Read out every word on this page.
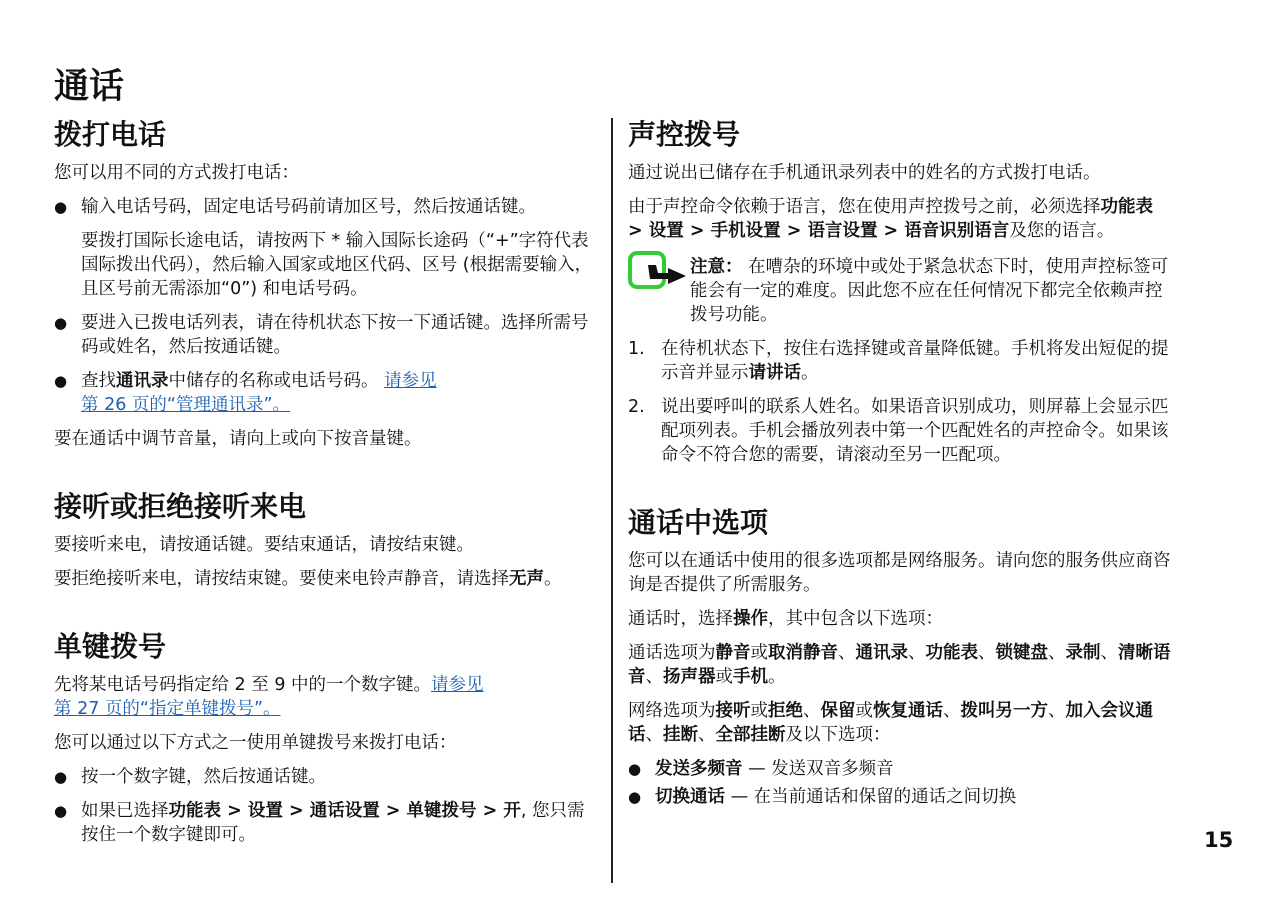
通话
拨打电话

您可以用不同的方式拨打电话：

● 输入电话号码，固定电话号码前请加区号，然后按通话键。

要拨打国际长途电话，请按两下 * 输入国际长途码（“+”字符代表国际拨出代码），然后输入国家或地区代码、区号 (根据需要输入，且区号前无需添加“0”) 和电话号码。

● 要进入已拨电话列表，请在待机状态下按一下通话键。选择所需号码或姓名，然后按通话键。
● 查找通讯录中储存的名称或电话号码。 请参见
第 26 页的“管理通讯录”。

要在通话中调节音量，请向上或向下按音量键。

接听或拒绝接听来电

要接听来电，请按通话键。要结束通话，请按结束键。

要拒绝接听来电，请按结束键。要使来电铃声静音，请选择无声。

单键拨号

先将某电话号码指定给 2 至 9 中的一个数字键。请参见
第 27 页的“指定单键拨号”。

您可以通过以下方式之一使用单键拨号来拨打电话：

● 按一个数字键，然后按通话键。
● 如果已选择功能表 > 设置 > 通话设置 > 单键拨号 > 开, 您只需按住一个数字键即可。
声控拨号

通过说出已储存在手机通讯录列表中的姓名的方式拨打电话。

由于声控命令依赖于语言，您在使用声控拨号之前，必须选择功能表 > 设置 > 手机设置 > 语言设置 > 语音识别语言及您的语言。

注意： 在嘈杂的环境中或处于紧急状态下时，使用声控标签可能会有一定的难度。因此您不应在任何情况下都完全依赖声控拨号功能。

1. 在待机状态下，按住右选择键或音量降低键。手机将发出短促的提示音并显示请讲话。
2. 说出要呼叫的联系人姓名。如果语音识别成功，则屏幕上会显示匹配项列表。手机会播放列表中第一个匹配姓名的声控命令。如果该命令不符合您的需要，请滚动至另一匹配项。
通话中选项

您可以在通话中使用的很多选项都是网络服务。请向您的服务供应商咨询是否提供了所需服务。

通话时，选择操作，其中包含以下选项：

通话选项为静音或取消静音、通讯录、功能表、锁键盘、录制、清晰语音、扬声器或手机。

网络选项为接听或拒绝、保留或恢复通话、拨叫另一方、加入会议通话、挂断、全部挂断及以下选项：

● 发送多频音 — 发送双音多频音
● 切换通话 — 在当前通话和保留的通话之间切换
15
